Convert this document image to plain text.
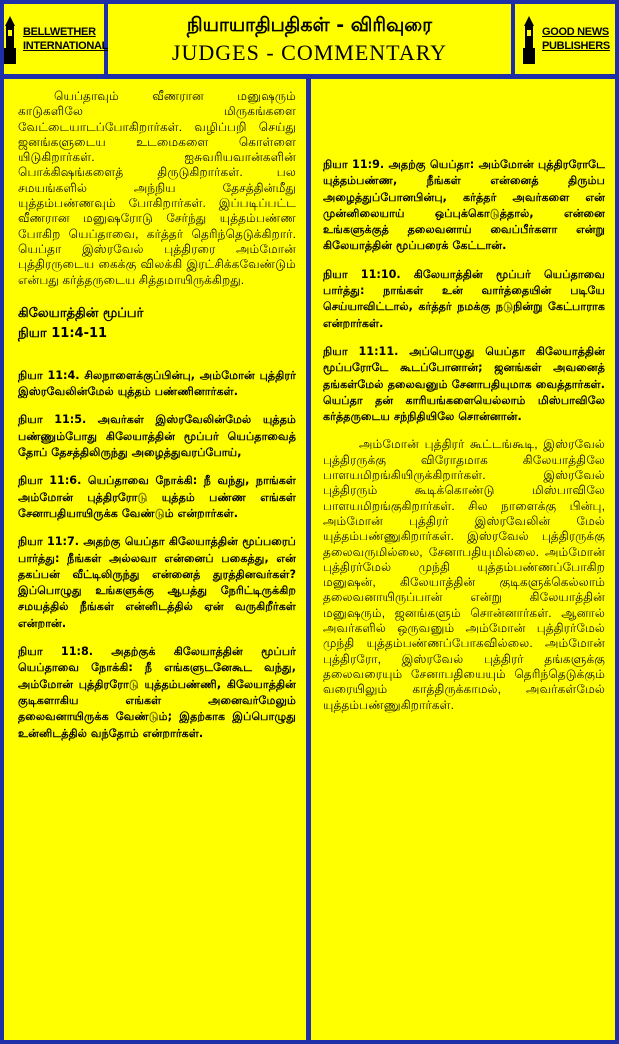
BELLWETHER INTERNATIONAL
நியாயாதிபதிகள் - விரிவுரை
JUDGES - COMMENTARY
GOOD NEWS PUBLISHERS

யெப்தாவும் வீணரான மனுஷரும் காடுகளிலே மிருகங்களை வேட்டையாடப்போகிறார்கள். வழிப்பறி செய்து ஜனங்களுடைய உடமைகளை கொள்ளை யிடுகிறார்கள். ஐசுவரியவான்களின் பொக்கிஷங்களைத் திருடுகிறார்கள். பல சமயங்களில் அந்நிய தேசத்தின்மீது யுத்தம்பண்ணவும் போகிறார்கள். இப்படிப்பட்ட வீணரான மனுஷரோடு சேர்ந்து யுத்தம்பண்ண போகிற யெப்தாவை, கர்த்தர் தெரிந்தெடுக்கிறார். யெப்தா இஸ்ரவேல் புத்திரரை அம்மோன் புத்திரருடைய கைக்கு விலக்கி இரட்சிக்கவேண்டும் என்பது கர்த்தருடைய சித்தமாயிருக்கிறது.

கிலேயாத்தின் மூப்பர்
நியா 11:4-11

நியா 11:4. சிலநாளைக்குப்பின்பு, அம்மோன் புத்திரர் இஸ்ரவேலின்மேல் யுத்தம் பண்ணினார்கள்.

நியா 11:5. அவர்கள் இஸ்ரவேலின்மேல் யுத்தம் பண்ணும்போது கிலேயாத்தின் மூப்பர் யெப்தாவைத் தோப் தேசத்திலிருந்து அழைத்துவரப்போய்,

நியா 11:6. யெப்தாவை நோக்கி: நீ வந்து, நாங்கள் அம்மோன் புத்திரரோடு யுத்தம் பண்ண எங்கள் சேனாபதியாயிருக்க வேண்டும் என்றார்கள்.

நியா 11:7. அதற்கு யெப்தா கிலேயாத்தின் மூப்பரைப் பார்த்து: நீங்கள் அல்லவா என்னைப் பகைத்து, என் தகப்பன் வீட்டிலிருந்து என்னைத் துரத்தினவர்கள்? இப்பொழுது உங்களுக்கு ஆபத்து நேரிட்டிருக்கிற சமயத்தில் நீங்கள் என்னிடத்தில் ஏன் வருகிறீர்கள் என்றான்.

நியா 11:8. அதற்குக் கிலேயாத்தின் மூப்பர் யெப்தாவை நோக்கி: நீ எங்களுடனேகூட வந்து, அம்மோன் புத்திரரோடு யுத்தம்பண்ணி, கிலேயாத்தின் குடிகளாகிய எங்கள் அனைவர்மேலும் தலைவனாயிருக்க வேண்டும்; இதற்காக இப்பொழுது உன்னிடத்தில் வந்தோம் என்றார்கள்.

நியா 11:9. அதற்கு யெப்தா: அம்மோன் புத்திரரோடே யுத்தம்பண்ண, நீங்கள் என்னைத் திரும்ப அழைத்துப்போனபின்பு, கர்த்தர் அவர்களை என் முன்னிலையாய் ஒப்புக்கொடுத்தால், என்னை உங்களுக்குத் தலைவனாய் வைப்பீர்களா என்று கிலேயாத்தின் மூப்பரைக் கேட்டான்.

நியா 11:10. கிலேயாத்தின் மூப்பர் யெப்தாவை பார்த்து: நாங்கள் உன் வார்த்தையின் படியே செய்யாவிட்டால், கர்த்தர் நமக்கு நடுநின்று கேட்பாராக என்றார்கள்.

நியா 11:11. அப்பொழுது யெப்தா கிலேயாத்தின் மூப்பரோடே கூடப்போனான்; ஜனங்கள் அவனைத் தங்கள்மேல் தலைவனும் சேனாபதியுமாக வைத்தார்கள். யெப்தா தன் காரியங்களையெல்லாம் மிஸ்பாவிலே கர்த்தருடைய சந்நிதியிலே சொன்னான்.

அம்மோன் புத்திரர் கூட்டங்கூடி, இஸ்ரவேல் புத்திரருக்கு விரோதமாக கிலேயாத்திலே பாளயமிறங்கியிருக்கிறார்கள். இஸ்ரவேல் புத்திரரும் கூடிக்கொண்டு மிஸ்பாவிலே பாளயமிறங்குகிறார்கள். சில நாளைக்கு பின்பு, அம்மோன் புத்திரர் இஸ்ரவேலின் மேல் யுத்தம்பண்ணுகிறார்கள். இஸ்ரவேல் புத்திரருக்கு தலைவருமில்லை, சேனாபதியுமில்லை. அம்மோன் புத்திரர்மேல் முந்தி யுத்தம்பண்ணப்போகிற மனுஷன், கிலேயாத்தின் குடிகளுக்கெல்லாம் தலைவனாயிருப்பான் என்று கிலேயாத்தின் மனுஷரும், ஜனங்களும் சொன்னார்கள். ஆனால் அவர்களில் ஒருவனும் அம்மோன் புத்திரர்மேல் முந்தி யுத்தம்பண்ணப்போகவில்லை. அம்மோன் புத்திரரோ, இஸ்ரவேல் புத்திரர் தங்களுக்கு தலைவரையும் சேனாபதியையும் தெரிந்தெடுக்கும் வரையிலும் காத்திருக்காமல், அவர்கள்மேல் யுத்தம்பண்ணுகிறார்கள்.
